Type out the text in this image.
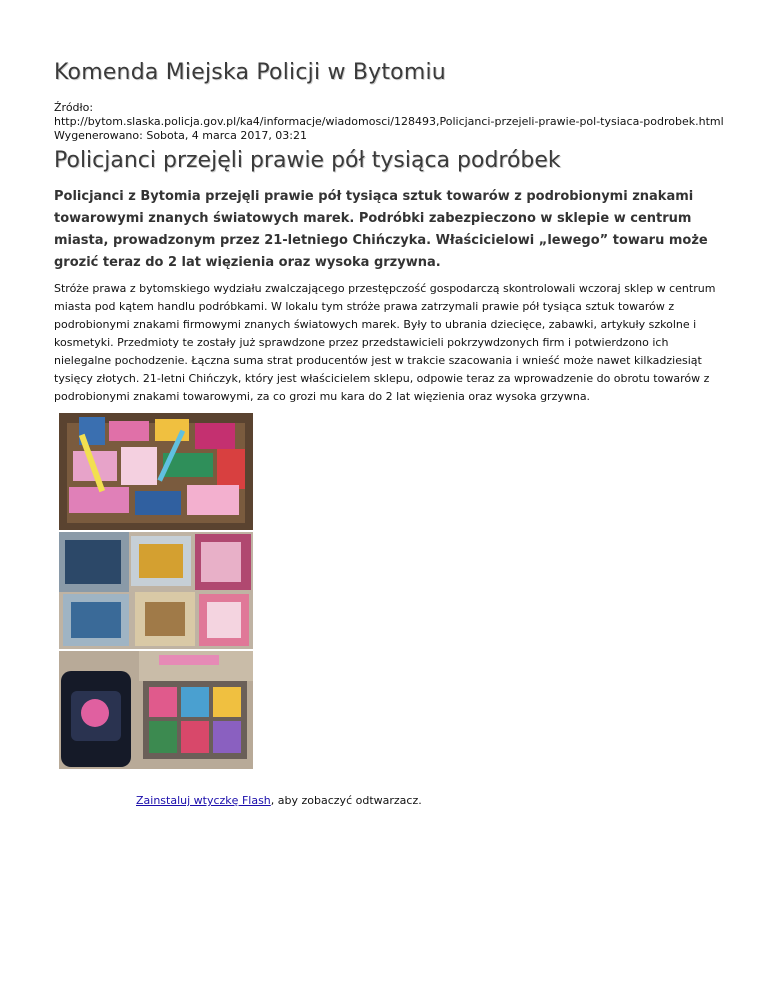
Komenda Miejska Policji w Bytomiu
Źródło:
http://bytom.slaska.policja.gov.pl/ka4/informacje/wiadomosci/128493,Policjanci-przejeli-prawie-pol-tysiaca-podrobek.html
Wygenerowano: Sobota, 4 marca 2017, 03:21
Policjanci przejęli prawie pół tysiąca podróbek

Policjanci z Bytomia przejęli prawie pół tysiąca sztuk towarów z podrobionymi znakami towarowymi znanych światowych marek. Podróbki zabezpieczono w sklepie w centrum miasta, prowadzonym przez 21-letniego Chińczyka. Właścicielowi „lewego” towaru może grozić teraz do 2 lat więzienia oraz wysoka grzywna.

Stróże prawa z bytomskiego wydziału zwalczającego przestępczość gospodarczą skontrolowali wczoraj sklep w centrum miasta pod kątem handlu podróbkami. W lokalu tym stróże prawa zatrzymali prawie pół tysiąca sztuk towarów z podrobionymi znakami firmowymi znanych światowych marek. Były to ubrania dziecięce, zabawki, artykuły szkolne i kosmetyki. Przedmioty te zostały już sprawdzone przez przedstawicieli pokrzywdzonych firm i potwierdzono ich nielegalne pochodzenie. Łączna suma strat producentów jest w trakcie szacowania i wnieść może nawet kilkadziesiąt tysięcy złotych. 21-letni Chińczyk, który jest właścicielem sklepu, odpowie teraz za wprowadzenie do obrotu towarów z podrobionymi znakami towarowymi, za co grozi mu kara do 2 lat więzienia oraz wysoka grzywna.

Zainstaluj wtyczkę Flash, aby zobaczyć odtwarzacz.
